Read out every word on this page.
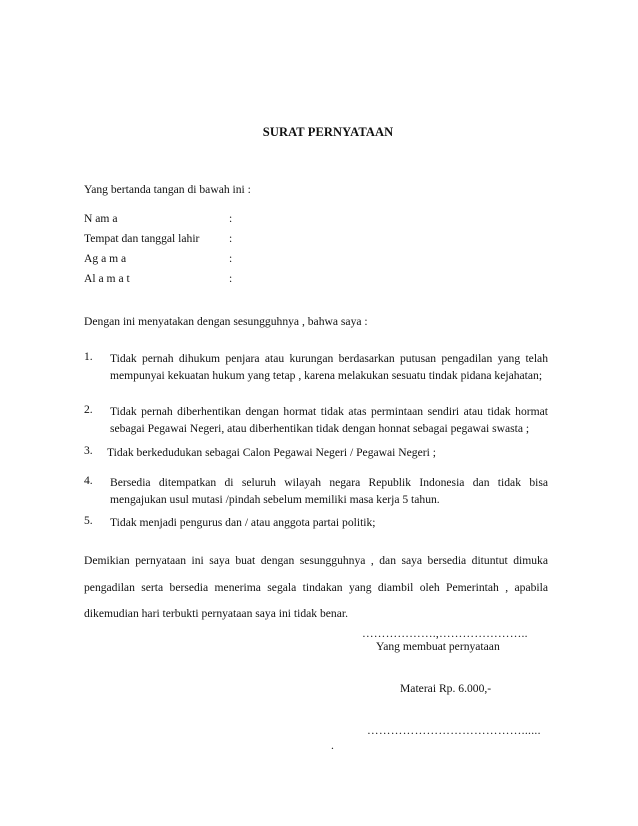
SURAT PERNYATAAN
Yang bertanda tangan di bawah ini :
N am a	:
Tempat dan tanggal lahir	:
Ag a m a	:
Al a m a t	:
Dengan ini menyatakan dengan sesungguhnya , bahwa saya :
1. Tidak pernah dihukum penjara atau kurungan berdasarkan putusan pengadilan yang telah mempunyai kekuatan hukum yang tetap , karena melakukan sesuatu tindak pidana kejahatan;
2. Tidak pernah diberhentikan dengan hormat tidak atas permintaan sendiri atau tidak hormat sebagai Pegawai Negeri, atau diberhentikan tidak dengan honnat sebagai pegawai swasta ;
3. Tidak berkedudukan sebagai Calon Pegawai Negeri / Pegawai Negeri ;
4. Bersedia ditempatkan di seluruh wilayah negara Republik Indonesia dan tidak bisa mengajukan usul mutasi /pindah sebelum memiliki masa kerja 5 tahun.
5. Tidak menjadi pengurus dan / atau anggota partai politik;
Demikian pernyataan ini saya buat dengan sesungguhnya , dan saya bersedia dituntut dimuka pengadilan serta bersedia menerima segala tindakan yang diambil oleh Pemerintah , apabila dikemudian hari terbukti pernyataan saya ini tidak benar.
……………….,…………………..
Yang membuat pernyataan
Materai Rp. 6.000,-
…………………………………......
.
